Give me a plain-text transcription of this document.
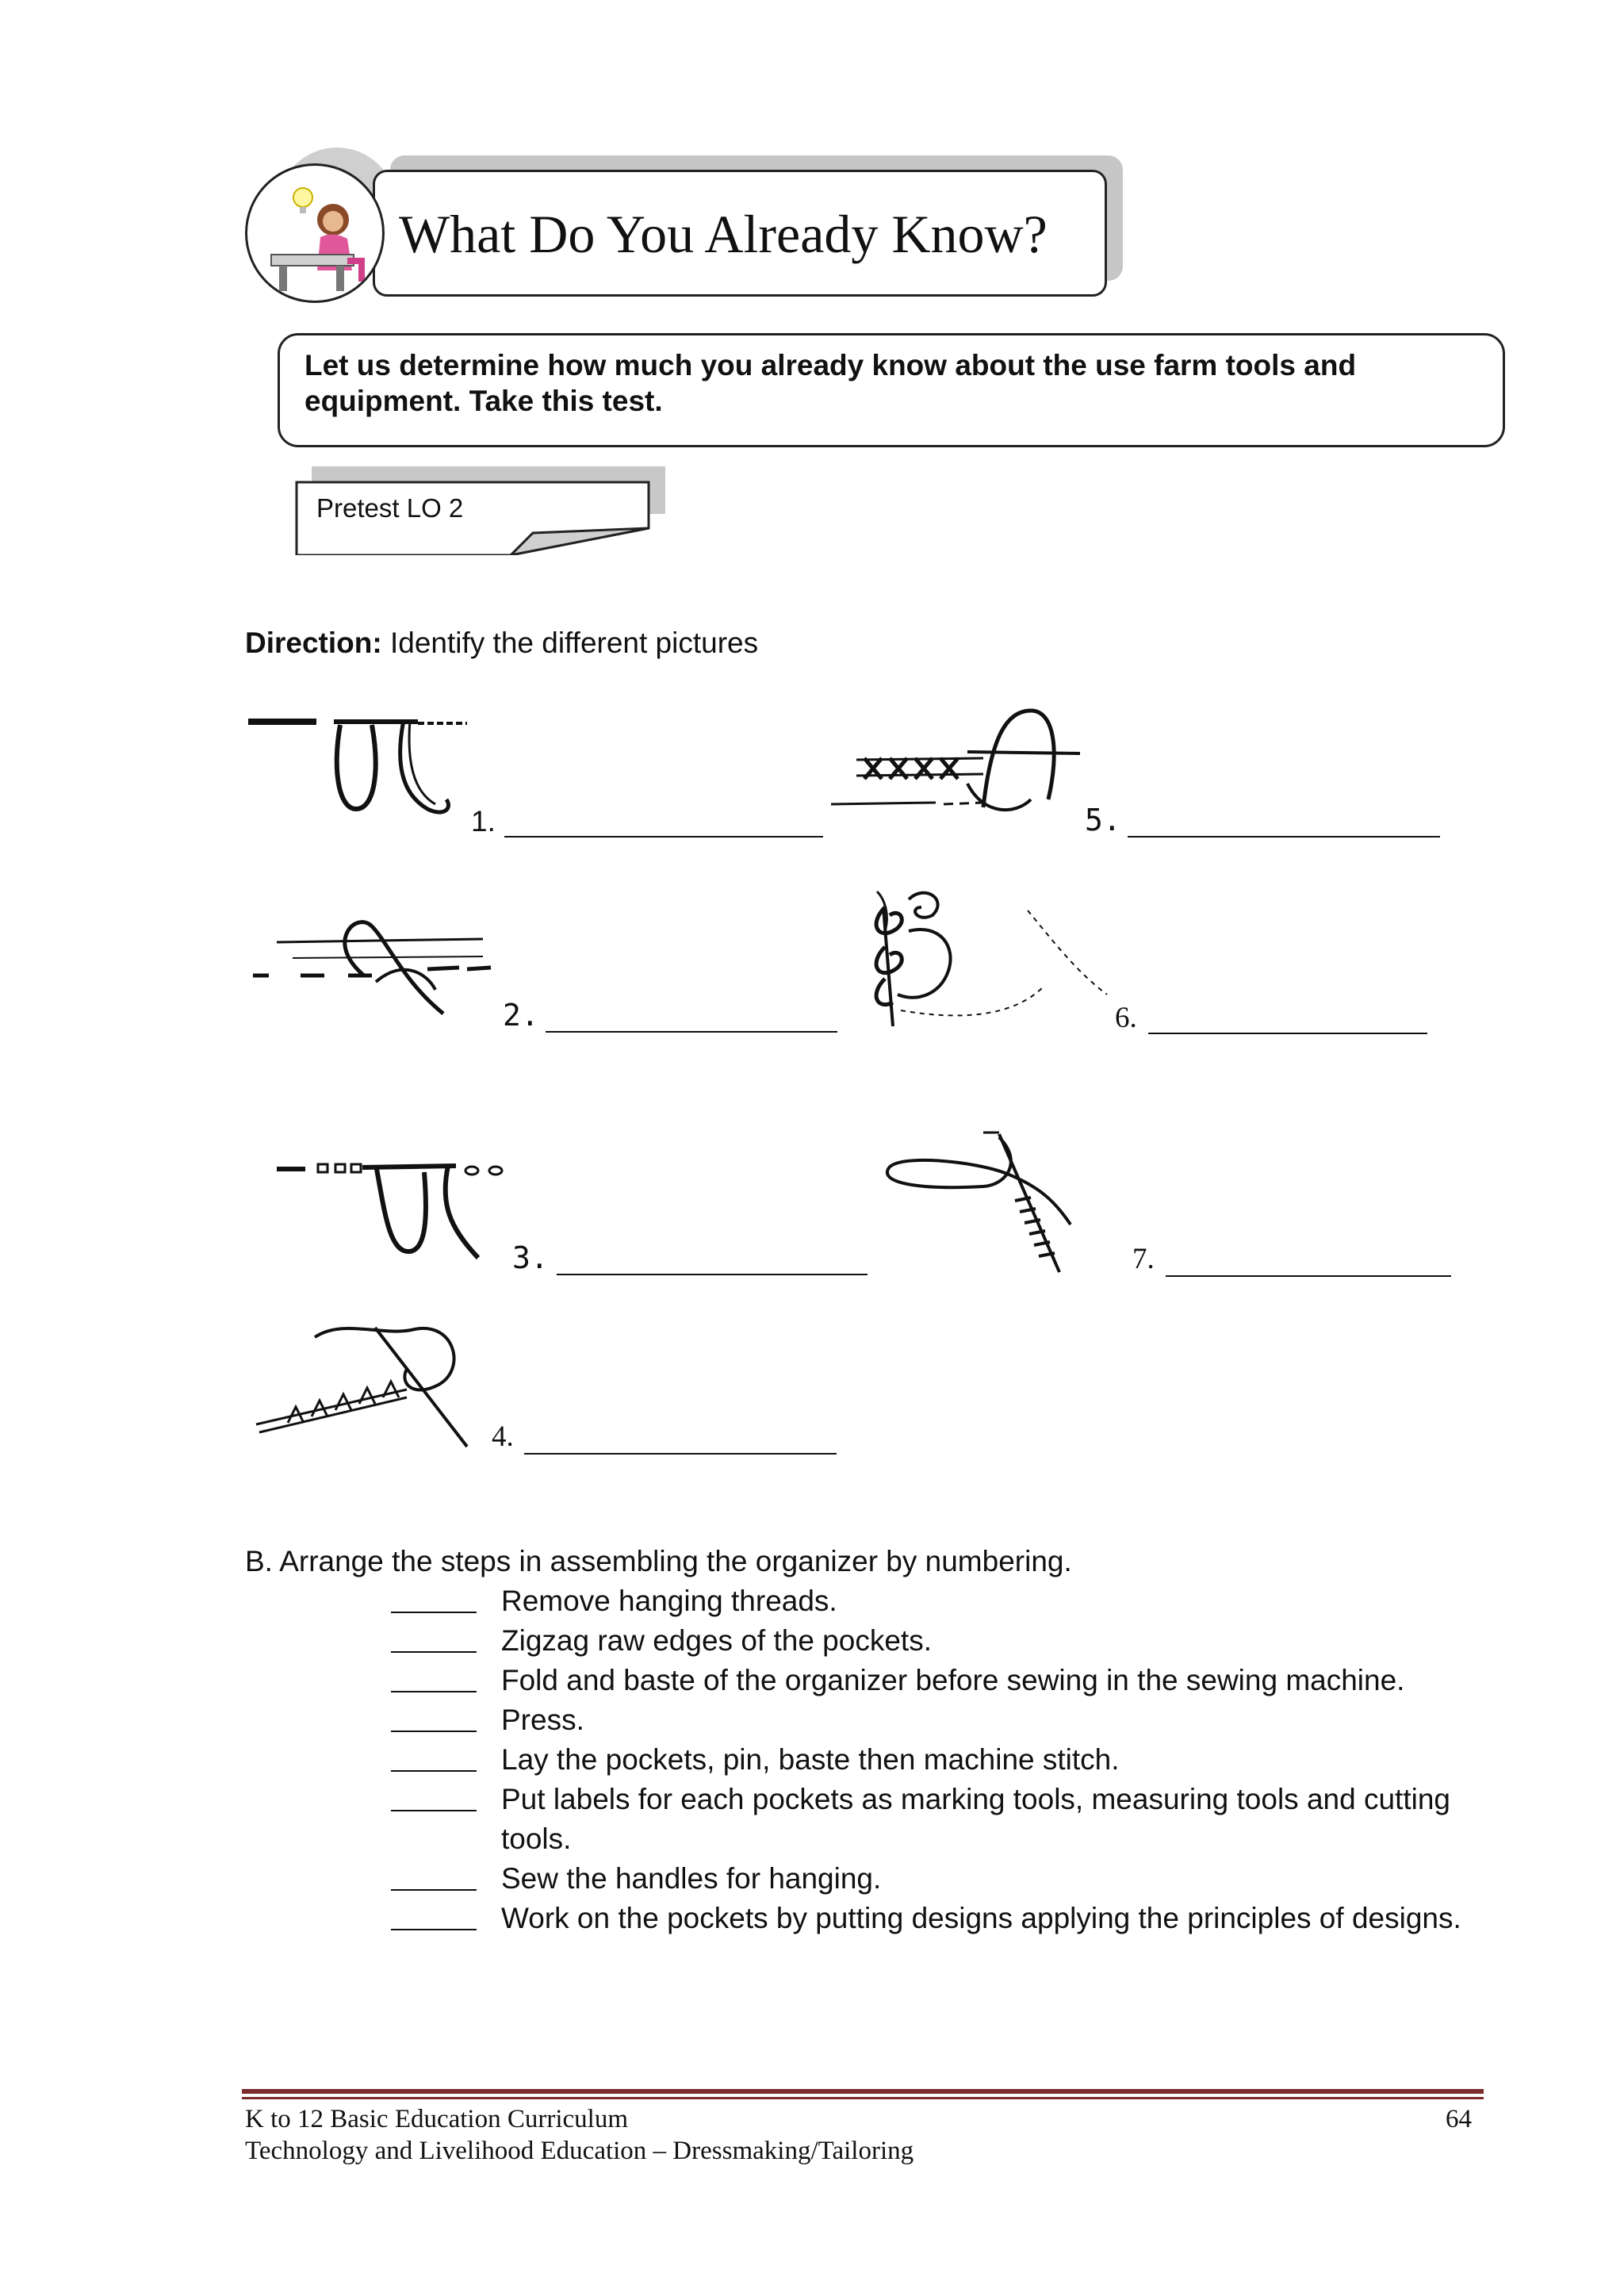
What Do You Already Know?
Let us determine how much you already know about the use farm tools and equipment. Take this test.
Pretest LO 2
Direction: Identify the different pictures
1.
2.
3.
4.
5.
6.
7.
B. Arrange the steps in assembling the organizer by numbering.
Remove hanging threads.
Zigzag raw edges of the pockets.
Fold and baste of the organizer before sewing in the sewing machine.
Press.
Lay the pockets, pin, baste then machine stitch.
Put labels for each pockets as marking tools, measuring tools and cutting tools.
Sew the handles for hanging.
Work on the pockets by putting designs applying the principles of designs.
K to 12 Basic Education Curriculum
Technology and Livelihood Education – Dressmaking/Tailoring
64
